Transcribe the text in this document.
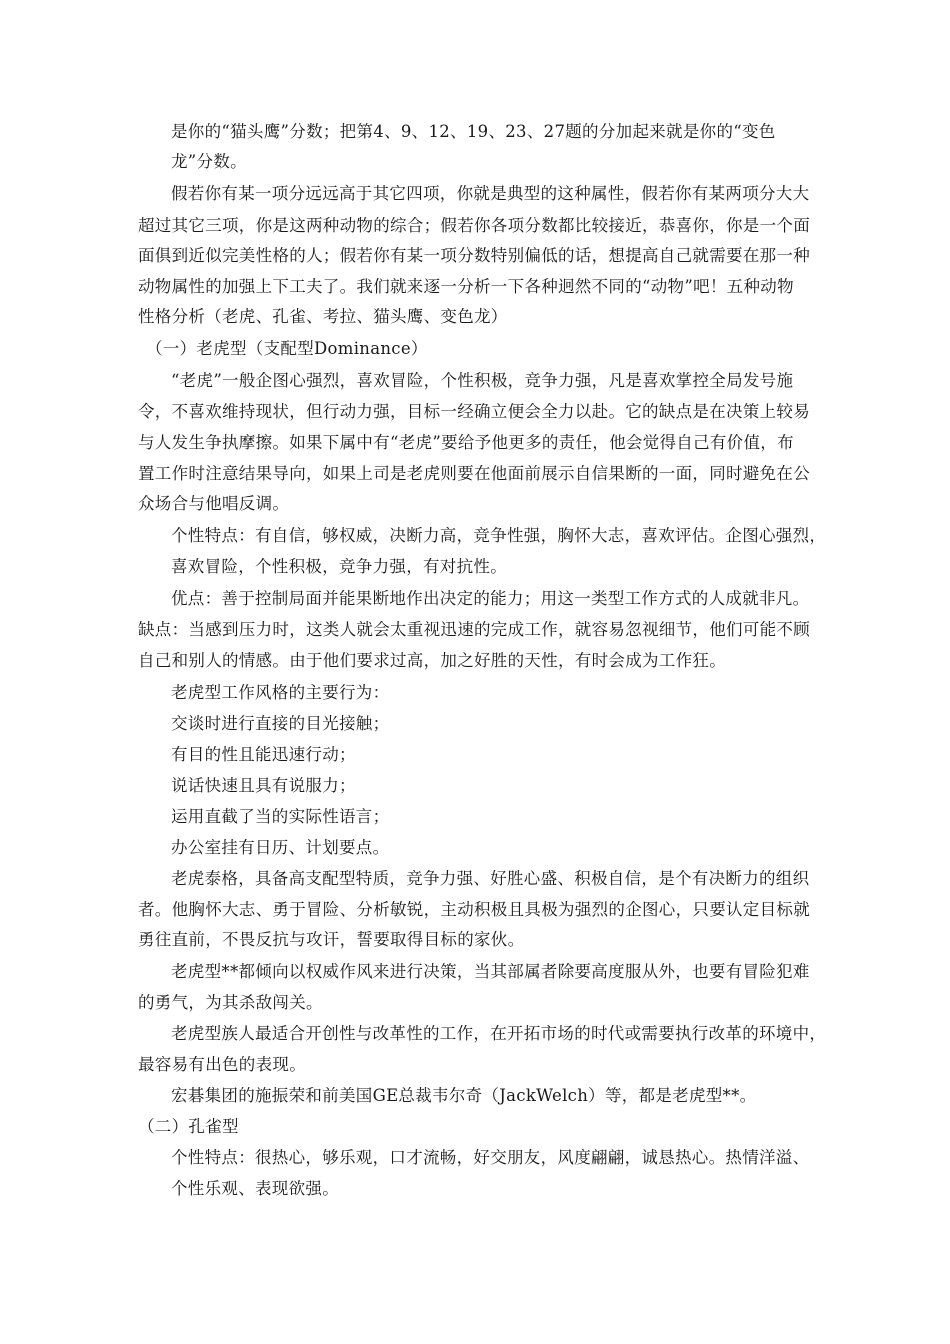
是你的“猫头鹰”分数；把第4、9、12、19、23、27题的分加起来就是你的“变色

龙”分数。

假若你有某一项分远远高于其它四项，你就是典型的这种属性，假若你有某两项分大大

超过其它三项，你是这两种动物的综合；假若你各项分数都比较接近，恭喜你，你是一个面

面俱到近似完美性格的人；假若你有某一项分数特别偏低的话，想提高自己就需要在那一种

动物属性的加强上下工夫了。我们就来逐一分析一下各种迥然不同的“动物”吧！五种动物

性格分析（老虎、孔雀、考拉、猫头鹰、变色龙）

（一）老虎型（支配型Dominance）

“老虎”一般企图心强烈，喜欢冒险，个性积极，竞争力强，凡是喜欢掌控全局发号施

令，不喜欢维持现状，但行动力强，目标一经确立便会全力以赴。它的缺点是在决策上较易

与人发生争执摩擦。如果下属中有“老虎”要给予他更多的责任，他会觉得自己有价值，布

置工作时注意结果导向，如果上司是老虎则要在他面前展示自信果断的一面，同时避免在公

众场合与他唱反调。

个性特点：有自信，够权威，决断力高，竞争性强，胸怀大志，喜欢评估。企图心强烈，

喜欢冒险，个性积极，竞争力强，有对抗性。

优点：善于控制局面并能果断地作出决定的能力；用这一类型工作方式的人成就非凡。

缺点：当感到压力时，这类人就会太重视迅速的完成工作，就容易忽视细节，他们可能不顾

自己和别人的情感。由于他们要求过高，加之好胜的天性，有时会成为工作狂。

老虎型工作风格的主要行为：

交谈时进行直接的目光接触；

有目的性且能迅速行动；

说话快速且具有说服力；

运用直截了当的实际性语言；

办公室挂有日历、计划要点。

老虎泰格，具备高支配型特质，竞争力强、好胜心盛、积极自信，是个有决断力的组织

者。他胸怀大志、勇于冒险、分析敏锐，主动积极且具极为强烈的企图心，只要认定目标就

勇往直前，不畏反抗与攻讦，誓要取得目标的家伙。

老虎型**都倾向以权威作风来进行决策，当其部属者除要高度服从外，也要有冒险犯难

的勇气，为其杀敌闯关。

老虎型族人最适合开创性与改革性的工作，在开拓市场的时代或需要执行改革的环境中，

最容易有出色的表现。

宏碁集团的施振荣和前美国GE总裁韦尔奇（JackWelch）等，都是老虎型**。

（二）孔雀型

个性特点：很热心，够乐观，口才流畅，好交朋友，风度翩翩，诚恳热心。热情洋溢、

个性乐观、表现欲强。
